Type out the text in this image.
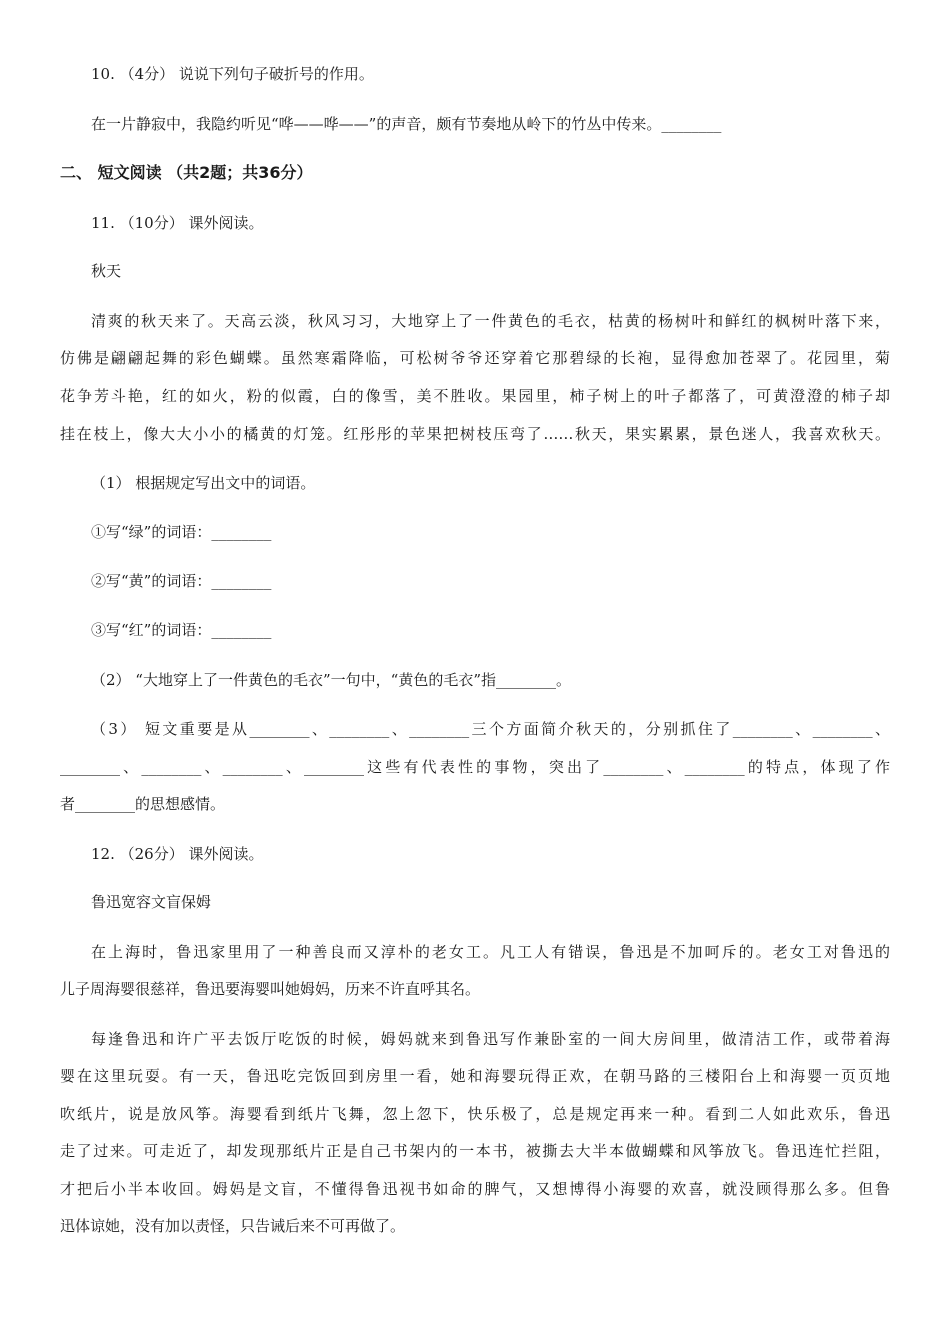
10. （4分） 说说下列句子破折号的作用。
在一片静寂中，我隐约听见“哗——哗——”的声音，颇有节奏地从岭下的竹丛中传来。________
二、 短文阅读 （共2题；共36分）
11. （10分） 课外阅读。
秋天
清爽的秋天来了。天高云淡，秋风习习，大地穿上了一件黄色的毛衣，枯黄的杨树叶和鲜红的枫树叶落下来，
仿佛是翩翩起舞的彩色蝴蝶。虽然寒霜降临，可松树爷爷还穿着它那碧绿的长袍，显得愈加苍翠了。花园里，菊
花争芳斗艳，红的如火，粉的似霞，白的像雪，美不胜收。果园里，柿子树上的叶子都落了，可黄澄澄的柿子却
挂在枝上，像大大小小的橘黄的灯笼。红彤彤的苹果把树枝压弯了……秋天，果实累累，景色迷人，我喜欢秋天。
（1） 根据规定写出文中的词语。
①写“绿”的词语：________
②写“黄”的词语：________
③写“红”的词语：________
（2） “大地穿上了一件黄色的毛衣”一句中，“黄色的毛衣”指________。
（3） 短文重要是从________、________、________三个方面简介秋天的，分别抓住了________、________、
________、________、________、________这些有代表性的事物，突出了________、________的特点，体现了作
者________的思想感情。
12. （26分） 课外阅读。
鲁迅宽容文盲保姆
在上海时，鲁迅家里用了一种善良而又淳朴的老女工。凡工人有错误，鲁迅是不加呵斥的。老女工对鲁迅的
儿子周海婴很慈祥，鲁迅要海婴叫她姆妈，历来不许直呼其名。
每逢鲁迅和许广平去饭厅吃饭的时候，姆妈就来到鲁迅写作兼卧室的一间大房间里，做清洁工作，或带着海
婴在这里玩耍。有一天，鲁迅吃完饭回到房里一看，她和海婴玩得正欢，在朝马路的三楼阳台上和海婴一页页地
吹纸片，说是放风筝。海婴看到纸片飞舞，忽上忽下，快乐极了，总是规定再来一种。看到二人如此欢乐，鲁迅
走了过来。可走近了，却发现那纸片正是自己书架内的一本书，被撕去大半本做蝴蝶和风筝放飞。鲁迅连忙拦阻，
才把后小半本收回。姆妈是文盲，不懂得鲁迅视书如命的脾气，又想博得小海婴的欢喜，就没顾得那么多。但鲁
迅体谅她，没有加以责怪，只告诫后来不可再做了。
